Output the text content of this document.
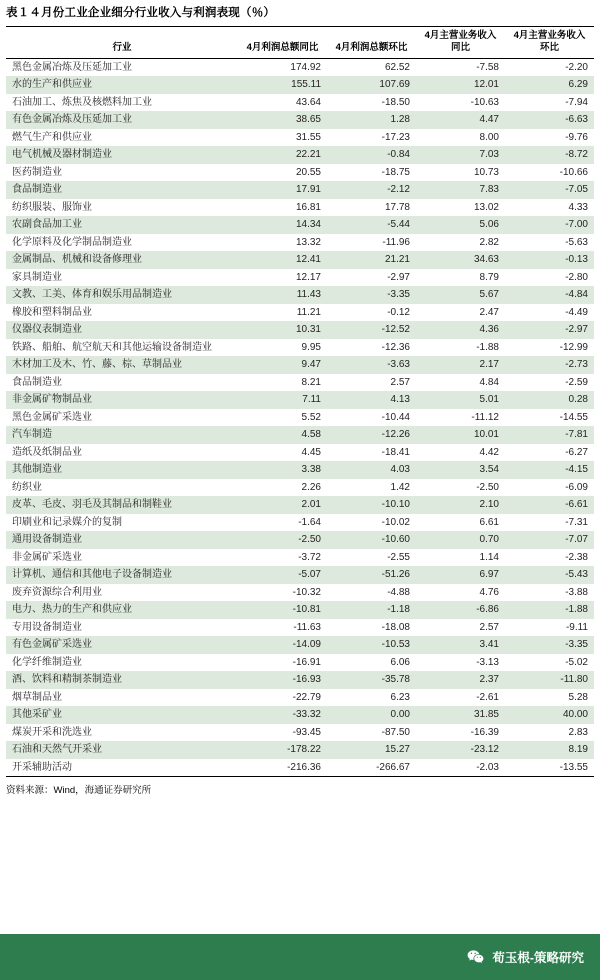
表１４月份工业企业细分行业收入与利润表现（％）
行业	4月利润总额同比	4月利润总额环比	4月主营业务收入同比	4月主营业务收入环比
黑色金属冶炼及压延加工业	174.92	62.52	-7.58	-2.20
水的生产和供应业	155.11	107.69	12.01	6.29
石油加工、炼焦及核燃料加工业	43.64	-18.50	-10.63	-7.94
有色金属冶炼及压延加工业	38.65	1.28	4.47	-6.63
燃气生产和供应业	31.55	-17.23	8.00	-9.76
电气机械及器材制造业	22.21	-0.84	7.03	-8.72
医药制造业	20.55	-18.75	10.73	-10.66
食品制造业	17.91	-2.12	7.83	-7.05
纺织服装、服饰业	16.81	17.78	13.02	4.33
农副食品加工业	14.34	-5.44	5.06	-7.00
化学原料及化学制品制造业	13.32	-11.96	2.82	-5.63
金属制品、机械和设备修理业	12.41	21.21	34.63	-0.13
家具制造业	12.17	-2.97	8.79	-2.80
文教、工美、体育和娱乐用品制造业	11.43	-3.35	5.67	-4.84
橡胶和塑料制品业	11.21	-0.12	2.47	-4.49
仪器仪表制造业	10.31	-12.52	4.36	-2.97
铁路、船舶、航空航天和其他运输设备制造业	9.95	-12.36	-1.88	-12.99
木材加工及木、竹、藤、棕、草制品业	9.47	-3.63	2.17	-2.73
食品制造业	8.21	2.57	4.84	-2.59
非金属矿物制品业	7.11	4.13	5.01	0.28
黑色金属矿采选业	5.52	-10.44	-11.12	-14.55
汽车制造	4.58	-12.26	10.01	-7.81
造纸及纸制品业	4.45	-18.41	4.42	-6.27
其他制造业	3.38	4.03	3.54	-4.15
纺织业	2.26	1.42	-2.50	-6.09
皮革、毛皮、羽毛及其制品和制鞋业	2.01	-10.10	2.10	-6.61
印刷业和记录媒介的复制	-1.64	-10.02	6.61	-7.31
通用设备制造业	-2.50	-10.60	0.70	-7.07
非金属矿采选业	-3.72	-2.55	1.14	-2.38
计算机、通信和其他电子设备制造业	-5.07	-51.26	6.97	-5.43
废弃资源综合利用业	-10.32	-4.88	4.76	-3.88
电力、热力的生产和供应业	-10.81	-1.18	-6.86	-1.88
专用设备制造业	-11.63	-18.08	2.57	-9.11
有色金属矿采选业	-14.09	-10.53	3.41	-3.35
化学纤维制造业	-16.91	6.06	-3.13	-5.02
酒、饮料和精制茶制造业	-16.93	-35.78	2.37	-11.80
烟草制品业	-22.79	6.23	-2.61	5.28
其他采矿业	-33.32	0.00	31.85	40.00
煤炭开采和洗选业	-93.45	-87.50	-16.39	2.83
石油和天然气开采业	-178.22	15.27	-23.12	8.19
开采辅助活动	-216.36	-266.67	-2.03	-13.55
资料来源：Wind，海通证券研究所
荀玉根-策略研究
